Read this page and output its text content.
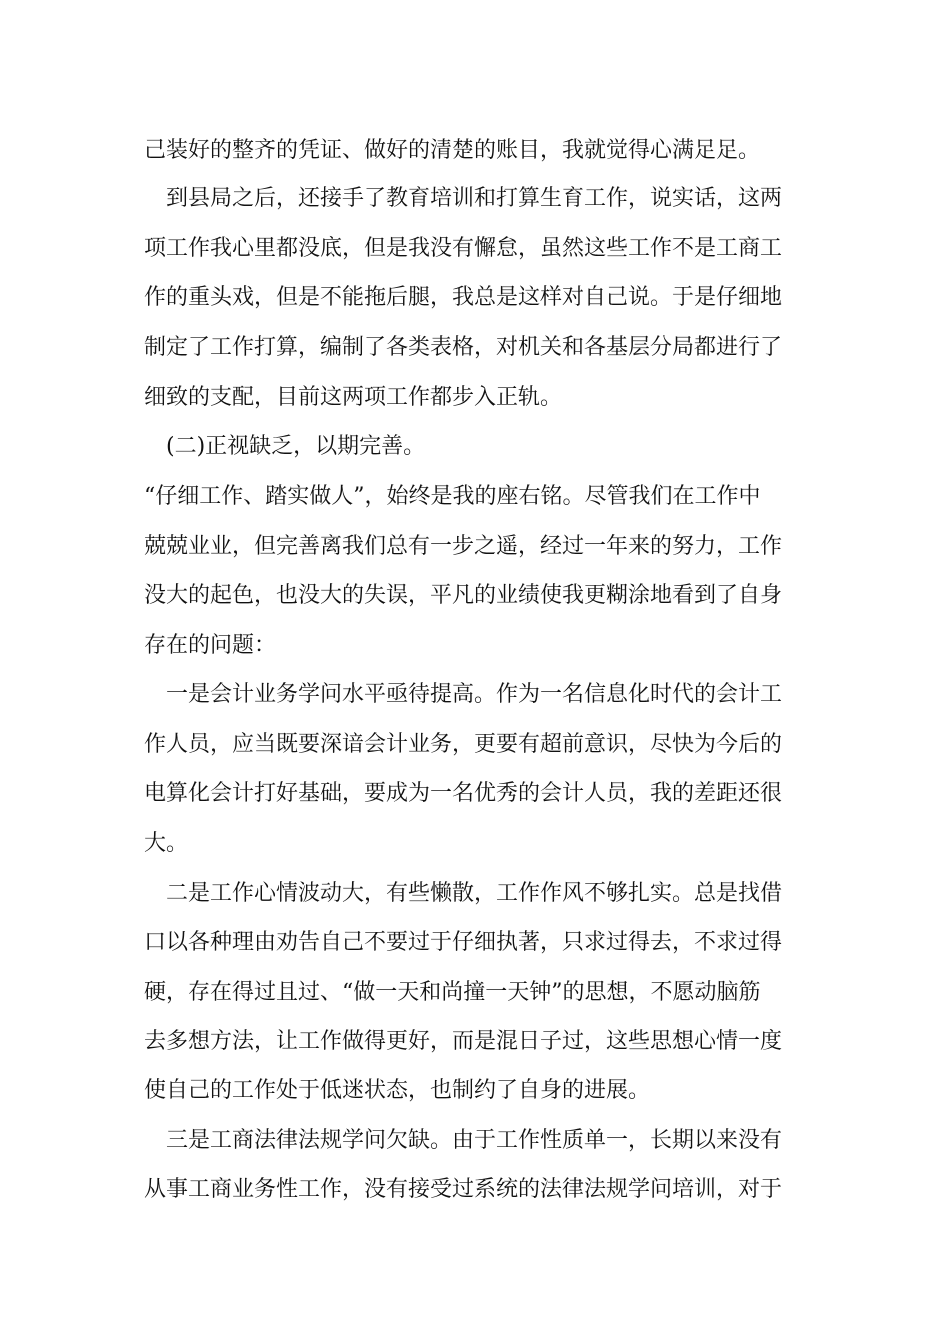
己装好的整齐的凭证、做好的清楚的账目，我就觉得心满足足。
到县局之后，还接手了教育培训和打算生育工作，说实话，这两
项工作我心里都没底，但是我没有懈怠，虽然这些工作不是工商工
作的重头戏，但是不能拖后腿，我总是这样对自己说。于是仔细地
制定了工作打算，编制了各类表格，对机关和各基层分局都进行了
细致的支配，目前这两项工作都步入正轨。
(二)正视缺乏，以期完善。
“仔细工作、踏实做人”，始终是我的座右铭。尽管我们在工作中
兢兢业业，但完善离我们总有一步之遥，经过一年来的努力，工作
没大的起色，也没大的失误，平凡的业绩使我更糊涂地看到了自身
存在的问题：
一是会计业务学问水平亟待提高。作为一名信息化时代的会计工
作人员，应当既要深谙会计业务，更要有超前意识，尽快为今后的
电算化会计打好基础，要成为一名优秀的会计人员，我的差距还很
大。
二是工作心情波动大，有些懒散，工作作风不够扎实。总是找借
口以各种理由劝告自己不要过于仔细执著，只求过得去，不求过得
硬，存在得过且过、“做一天和尚撞一天钟”的思想，不愿动脑筋
去多想方法，让工作做得更好，而是混日子过，这些思想心情一度
使自己的工作处于低迷状态，也制约了自身的进展。
三是工商法律法规学问欠缺。由于工作性质单一，长期以来没有
从事工商业务性工作，没有接受过系统的法律法规学问培训，对于
